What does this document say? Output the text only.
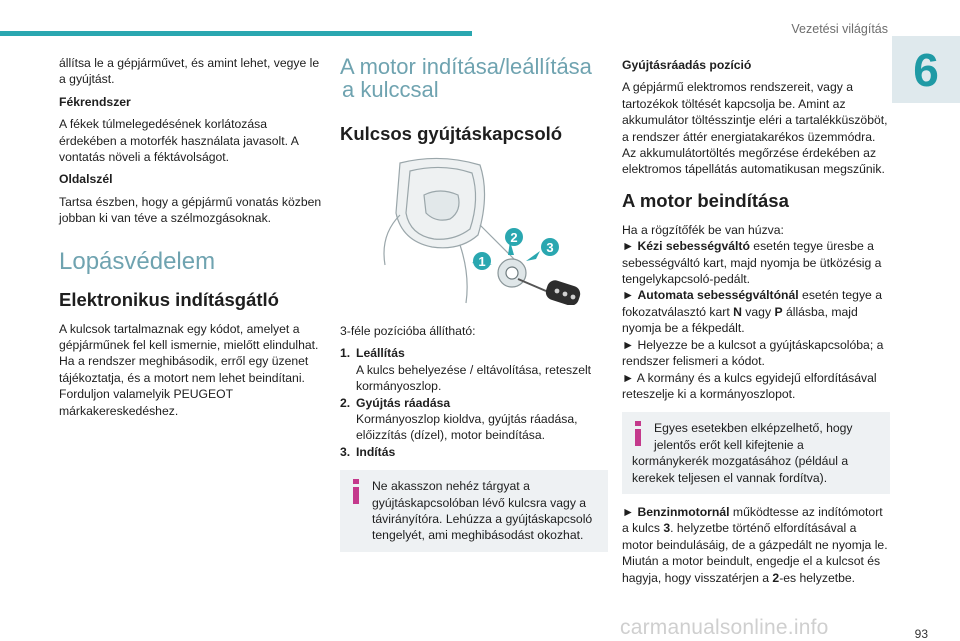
Vezetési világítás
6

állítsa le a gépjárművet, és amint lehet, vegye le a gyújtást.

Fékrendszer

A fékek túlmelegedésének korlátozása érdekében a motorfék használata javasolt. A vontatás növeli a féktávolságot.

Oldalszél

Tartsa észben, hogy a gépjármű vonatás közben jobban ki van téve a szélmozgásoknak.

Lopásvédelem
Elektronikus indításgátló

A kulcsok tartalmaznak egy kódot, amelyet a gépjárműnek fel kell ismernie, mielőtt elindulhat. Ha a rendszer meghibásodik, erről egy üzenet tájékoztatja, és a motort nem lehet beindítani. Forduljon valamelyik PEUGEOT márkakereskedéshez.

A motor indítása/leállítása
a kulccsal
Kulcsos gyújtáskapcsoló
1
2
3

3-féle pozícióba állítható:

1. Leállítás
A kulcs behelyezése / eltávolítása, reteszelt kormányoszlop.
2. Gyújtás ráadása
Kormányoszlop kioldva, gyújtás ráadása, előizzítás (dízel), motor beindítása.
3. Indítás
Ne akasszon nehéz tárgyat a
gyújtáskapcsolóban lévő kulcsra vagy a távirányítóra. Lehúzza a gyújtáskapcsoló tengelyét, ami meghibásodást okozhat.
Gyújtásráadás pozíció

A gépjármű elektromos rendszereit, vagy a tartozékok töltését kapcsolja be. Amint az akkumulátor töltésszintje eléri a tartalékküszöböt, a rendszer áttér energiatakarékos üzemmódra. Az akkumulátortöltés megőrzése érdekében az elektromos tápellátás automatikusan megszűnik.

A motor beindítása

Ha a rögzítőfék be van húzva:

► Kézi sebességváltó esetén tegye üresbe a sebességváltó kart, majd nyomja be ütközésig a tengelykapcsoló-pedált.

► Automata sebességváltónál esetén tegye a fokozatválasztó kart N vagy P állásba, majd nyomja be a fékpedált.

► Helyezze be a kulcsot a gyújtáskapcsolóba; a rendszer felismeri a kódot.

► A kormány és a kulcs egyidejű elfordításával reteszelje ki a kormányoszlopot.

Egyes esetekben elképzelhető, hogy
jelentős erőt kell kifejtenie a
kormánykerék mozgatásához (például a kerekek teljesen el vannak fordítva).

► Benzinmotornál működtesse az indítómotort a kulcs 3. helyzetbe történő elfordításával a motor beindulásáig, de a gázpedált ne nyomja le. Miután a motor beindult, engedje el a kulcsot és hagyja, hogy visszatérjen a 2-es helyzetbe.

carmanualsonline.info	93
